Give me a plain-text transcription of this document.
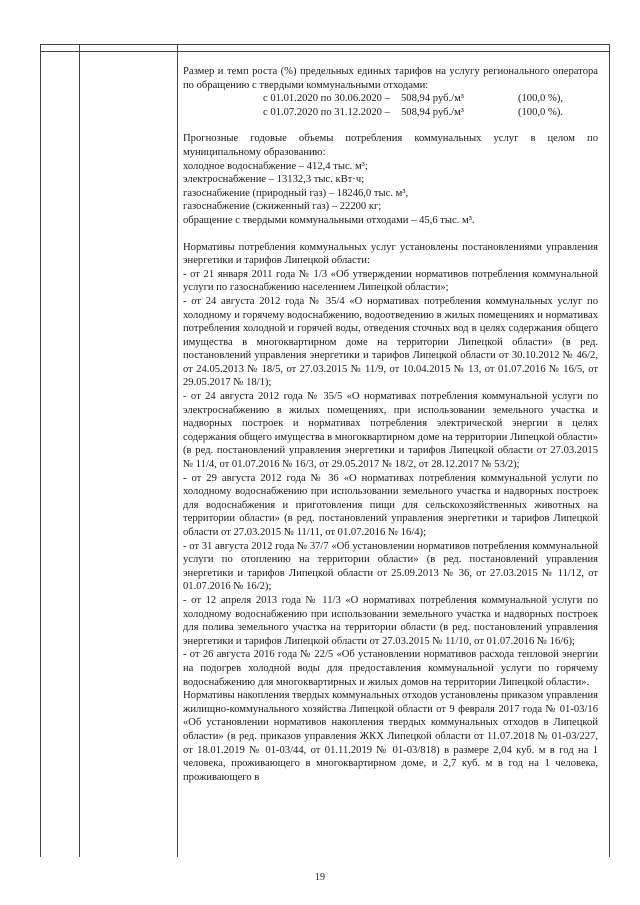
Размер и темп роста (%) предельных единых тарифов на услугу регионального оператора по обращению с твердыми коммунальными отходами:

с 01.01.2020 по 30.06.2020 –	508,94 руб./м³	(100,0 %),
с 01.07.2020 по 31.12.2020 –	508,94 руб./м³	(100,0 %).

Прогнозные годовые объемы потребления коммунальных услуг в целом по муниципальному образованию:

холодное водоснабжение – 412,4 тыс. м³;

электроснабжение – 13132,3 тыс. кВт·ч;

газоснабжение (природный газ) – 18246,0 тыс. м³,

газоснабжение (сжиженный газ) – 22200 кг;

обращение с твердыми коммунальными отходами – 45,6 тыс. м³.

Нормативы потребления коммунальных услуг установлены постановлениями управления энергетики и тарифов Липецкой области:

- от 21 января 2011 года № 1/3 «Об утверждении нормативов потребления коммунальной услуги по газоснабжению населением Липецкой области»;

- от 24 августа 2012 года № 35/4 «О нормативах потребления коммунальных услуг по холодному и горячему водоснабжению, водоотведению в жилых помещениях и нормативах потребления холодной и горячей воды, отведения сточных вод в целях содержания общего имущества в многоквартирном доме на территории Липецкой области» (в ред. постановлений управления энергетики и тарифов Липецкой области от 30.10.2012 № 46/2, от 24.05.2013 № 18/5, от 27.03.2015 № 11/9, от 10.04.2015 № 13, от 01.07.2016 № 16/5, от 29.05.2017 № 18/1);

- от 24 августа 2012 года № 35/5 «О нормативах потребления коммунальной услуги по электроснабжению в жилых помещениях, при использовании земельного участка и надворных построек и нормативах потребления электрической энергии в целях содержания общего имущества в многоквартирном доме на территории Липецкой области» (в ред. постановлений управления энергетики и тарифов Липецкой области от 27.03.2015 № 11/4, от 01.07.2016 № 16/3, от 29.05.2017 № 18/2, от 28.12.2017 № 53/2);

- от 29 августа 2012 года № 36 «О нормативах потребления коммунальной услуги по холодному водоснабжению при использовании земельного участка и надворных построек для водоснабжения и приготовления пищи для сельскохозяйственных животных на территории области» (в ред. постановлений управления энергетики и тарифов Липецкой области от 27.03.2015 № 11/11, от 01.07.2016 № 16/4);

- от 31 августа 2012 года № 37/7 «Об установлении нормативов потребления коммунальной услуги по отоплению на территории области» (в ред. постановлений управления энергетики и тарифов Липецкой области от 25.09.2013 № 36, от 27.03.2015 № 11/12, от 01.07.2016 № 16/2);

- от 12 апреля 2013 года № 11/3 «О нормативах потребления коммунальной услуги по холодному водоснабжению при использовании земельного участка и надворных построек для полива земельного участка на территории области (в ред. постановлений управления энергетики и тарифов Липецкой области от 27.03.2015 № 11/10, от 01.07.2016 № 16/6);

- от 26 августа 2016 года № 22/5 «Об установлении нормативов расхода тепловой энергии на подогрев холодной воды для предоставления коммунальной услуги по горячему водоснабжению для многоквартирных и жилых домов на территории Липецкой области».

Нормативы накопления твердых коммунальных отходов установлены приказом управления жилищно-коммунального хозяйства Липецкой области от 9 февраля 2017 года № 01-03/16 «Об установлении нормативов накопления твердых коммунальных отходов в Липецкой области» (в ред. приказов управления ЖКХ Липецкой области от 11.07.2018 № 01-03/227, от 18.01.2019 № 01-03/44, от 01.11.2019 № 01-03/818) в размере 2,04 куб. м в год на 1 человека, проживающего в многоквартирном доме, и 2,7 куб. м в год на 1 человека, проживающего в

19
